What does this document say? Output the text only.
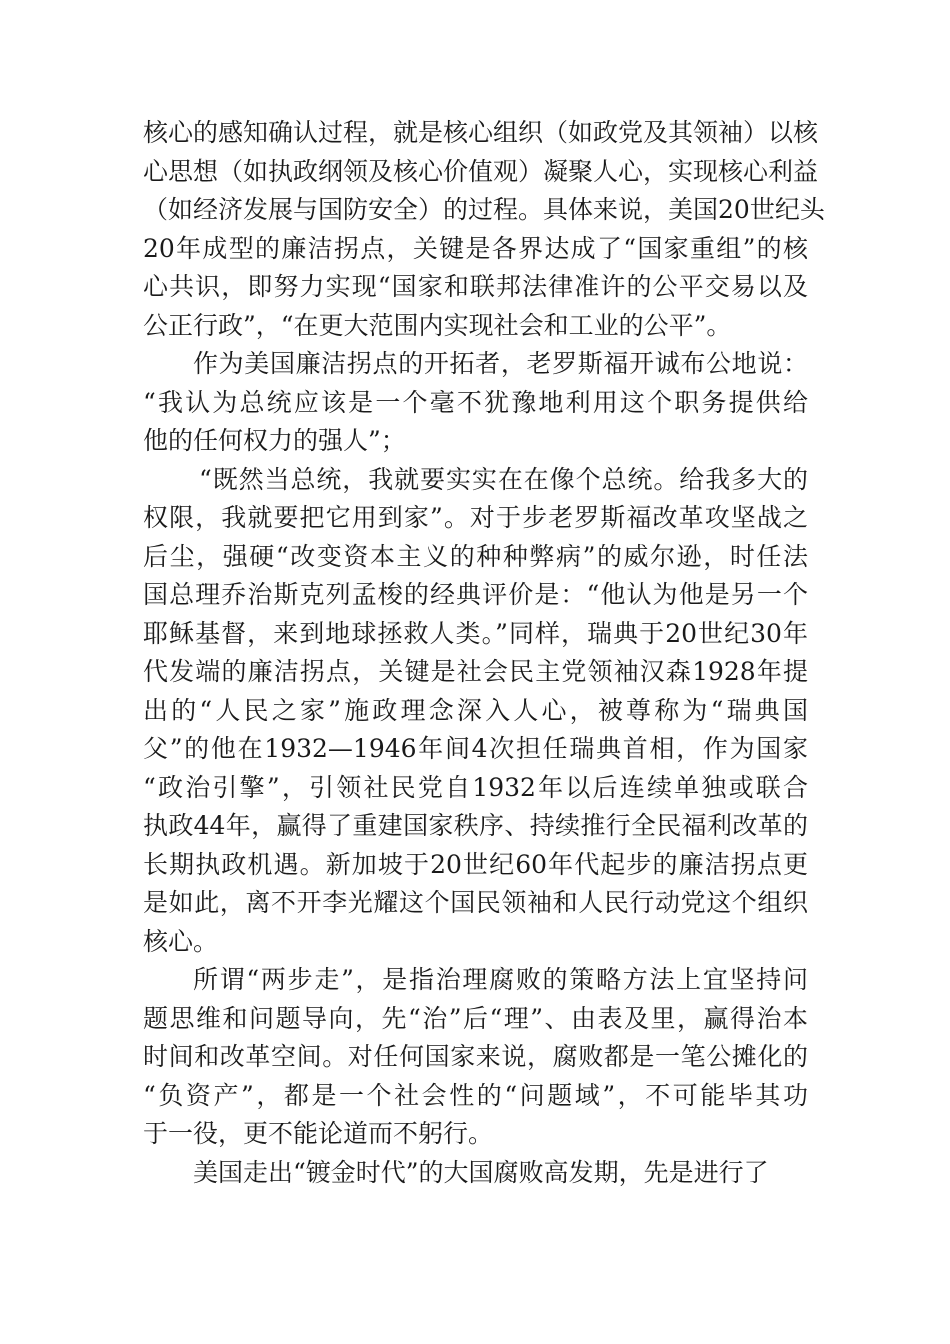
核心的感知确认过程，就是核心组织（如政党及其领袖）以核
心思想（如执政纲领及核心价值观）凝聚人心，实现核心利益
（如经济发展与国防安全）的过程。具体来说，美国20世纪头
20年成型的廉洁拐点，关键是各界达成了“国家重组”的核
心共识，即努力实现“国家和联邦法律准许的公平交易以及
公正行政”，“在更大范围内实现社会和工业的公平”。
作为美国廉洁拐点的开拓者，老罗斯福开诚布公地说：
“我认为总统应该是一个毫不犹豫地利用这个职务提供给
他的任何权力的强人”；
“既然当总统，我就要实实在在像个总统。给我多大的
权限，我就要把它用到家”。对于步老罗斯福改革攻坚战之
后尘，强硬“改变资本主义的种种弊病”的威尔逊，时任法
国总理乔治斯克列孟梭的经典评价是：“他认为他是另一个
耶稣基督，来到地球拯救人类。”同样，瑞典于20世纪30年
代发端的廉洁拐点，关键是社会民主党领袖汉森1928年提
出的“人民之家”施政理念深入人心，被尊称为“瑞典国
父”的他在1932—1946年间4次担任瑞典首相，作为国家
“政治引擎”，引领社民党自1932年以后连续单独或联合
执政44年，赢得了重建国家秩序、持续推行全民福利改革的
长期执政机遇。新加坡于20世纪60年代起步的廉洁拐点更
是如此，离不开李光耀这个国民领袖和人民行动党这个组织
核心。
所谓“两步走”，是指治理腐败的策略方法上宜坚持问
题思维和问题导向，先“治”后“理”、由表及里，赢得治本
时间和改革空间。对任何国家来说，腐败都是一笔公摊化的
“负资产”，都是一个社会性的“问题域”，不可能毕其功
于一役，更不能论道而不躬行。
美国走出“镀金时代”的大国腐败高发期，先是进行了
